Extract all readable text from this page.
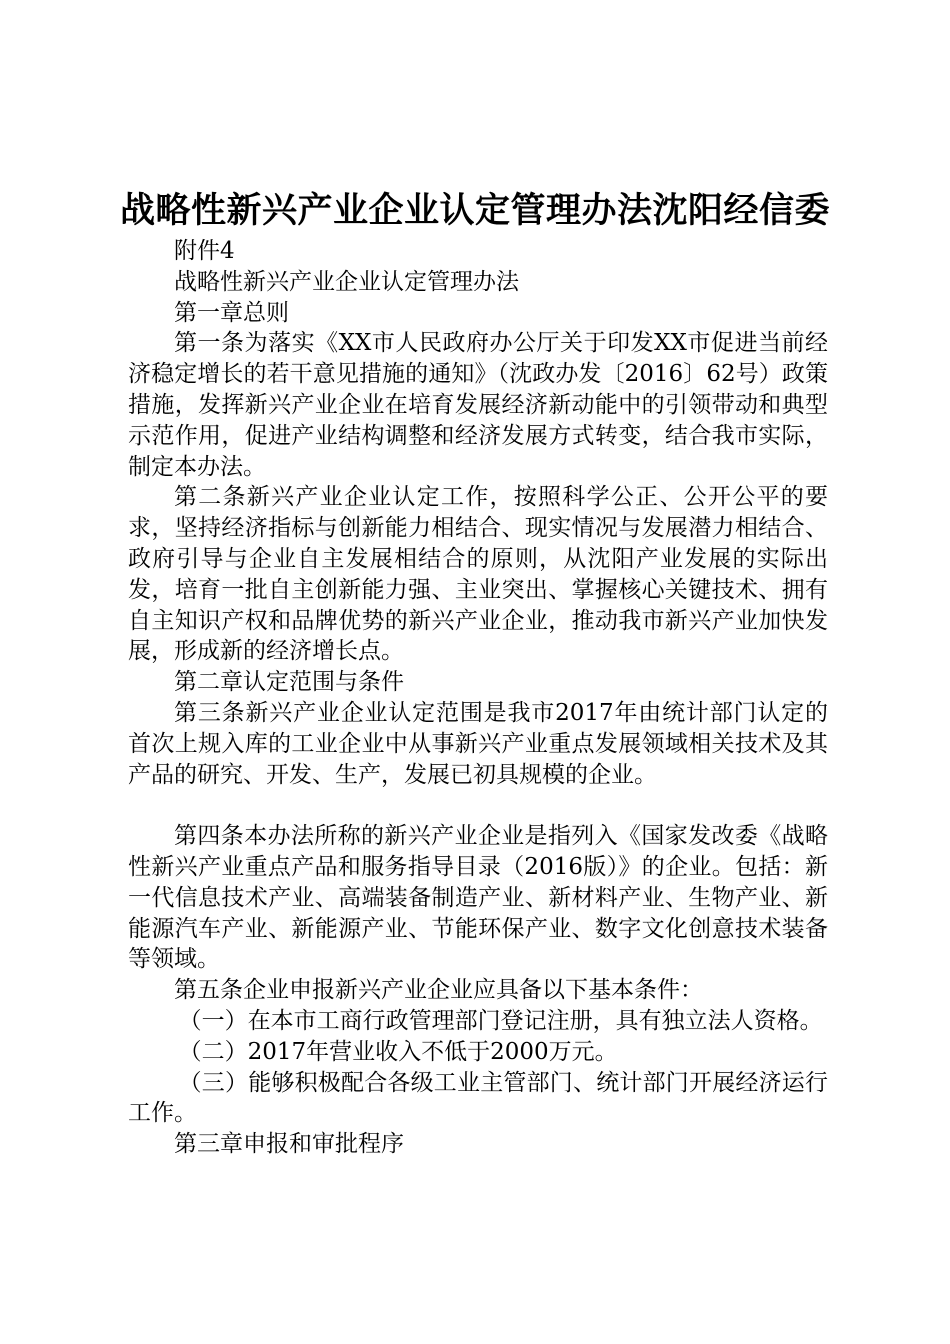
战略性新兴产业企业认定管理办法沈阳经信委

附件4

战略性新兴产业企业认定管理办法

第一章总则

第一条为落实《XX市人民政府办公厅关于印发XX市促进当前经济稳定增长的若干意见措施的通知》（沈政办发〔2016〕62号）政策措施，发挥新兴产业企业在培育发展经济新动能中的引领带动和典型示范作用，促进产业结构调整和经济发展方式转变，结合我市实际，制定本办法。

第二条新兴产业企业认定工作，按照科学公正、公开公平的要求，坚持经济指标与创新能力相结合、现实情况与发展潜力相结合、政府引导与企业自主发展相结合的原则，从沈阳产业发展的实际出发，培育一批自主创新能力强、主业突出、掌握核心关键技术、拥有自主知识产权和品牌优势的新兴产业企业，推动我市新兴产业加快发展，形成新的经济增长点。

第二章认定范围与条件

第三条新兴产业企业认定范围是我市2017年由统计部门认定的首次上规入库的工业企业中从事新兴产业重点发展领域相关技术及其产品的研究、开发、生产，发展已初具规模的企业。

第四条本办法所称的新兴产业企业是指列入《国家发改委《战略性新兴产业重点产品和服务指导目录（2016版）》的企业。包括：新一代信息技术产业、高端装备制造产业、新材料产业、生物产业、新能源汽车产业、新能源产业、节能环保产业、数字文化创意技术装备等领域。

第五条企业申报新兴产业企业应具备以下基本条件：

（一）在本市工商行政管理部门登记注册，具有独立法人资格。

（二）2017年营业收入不低于2000万元。

（三）能够积极配合各级工业主管部门、统计部门开展经济运行工作。

第三章申报和审批程序
